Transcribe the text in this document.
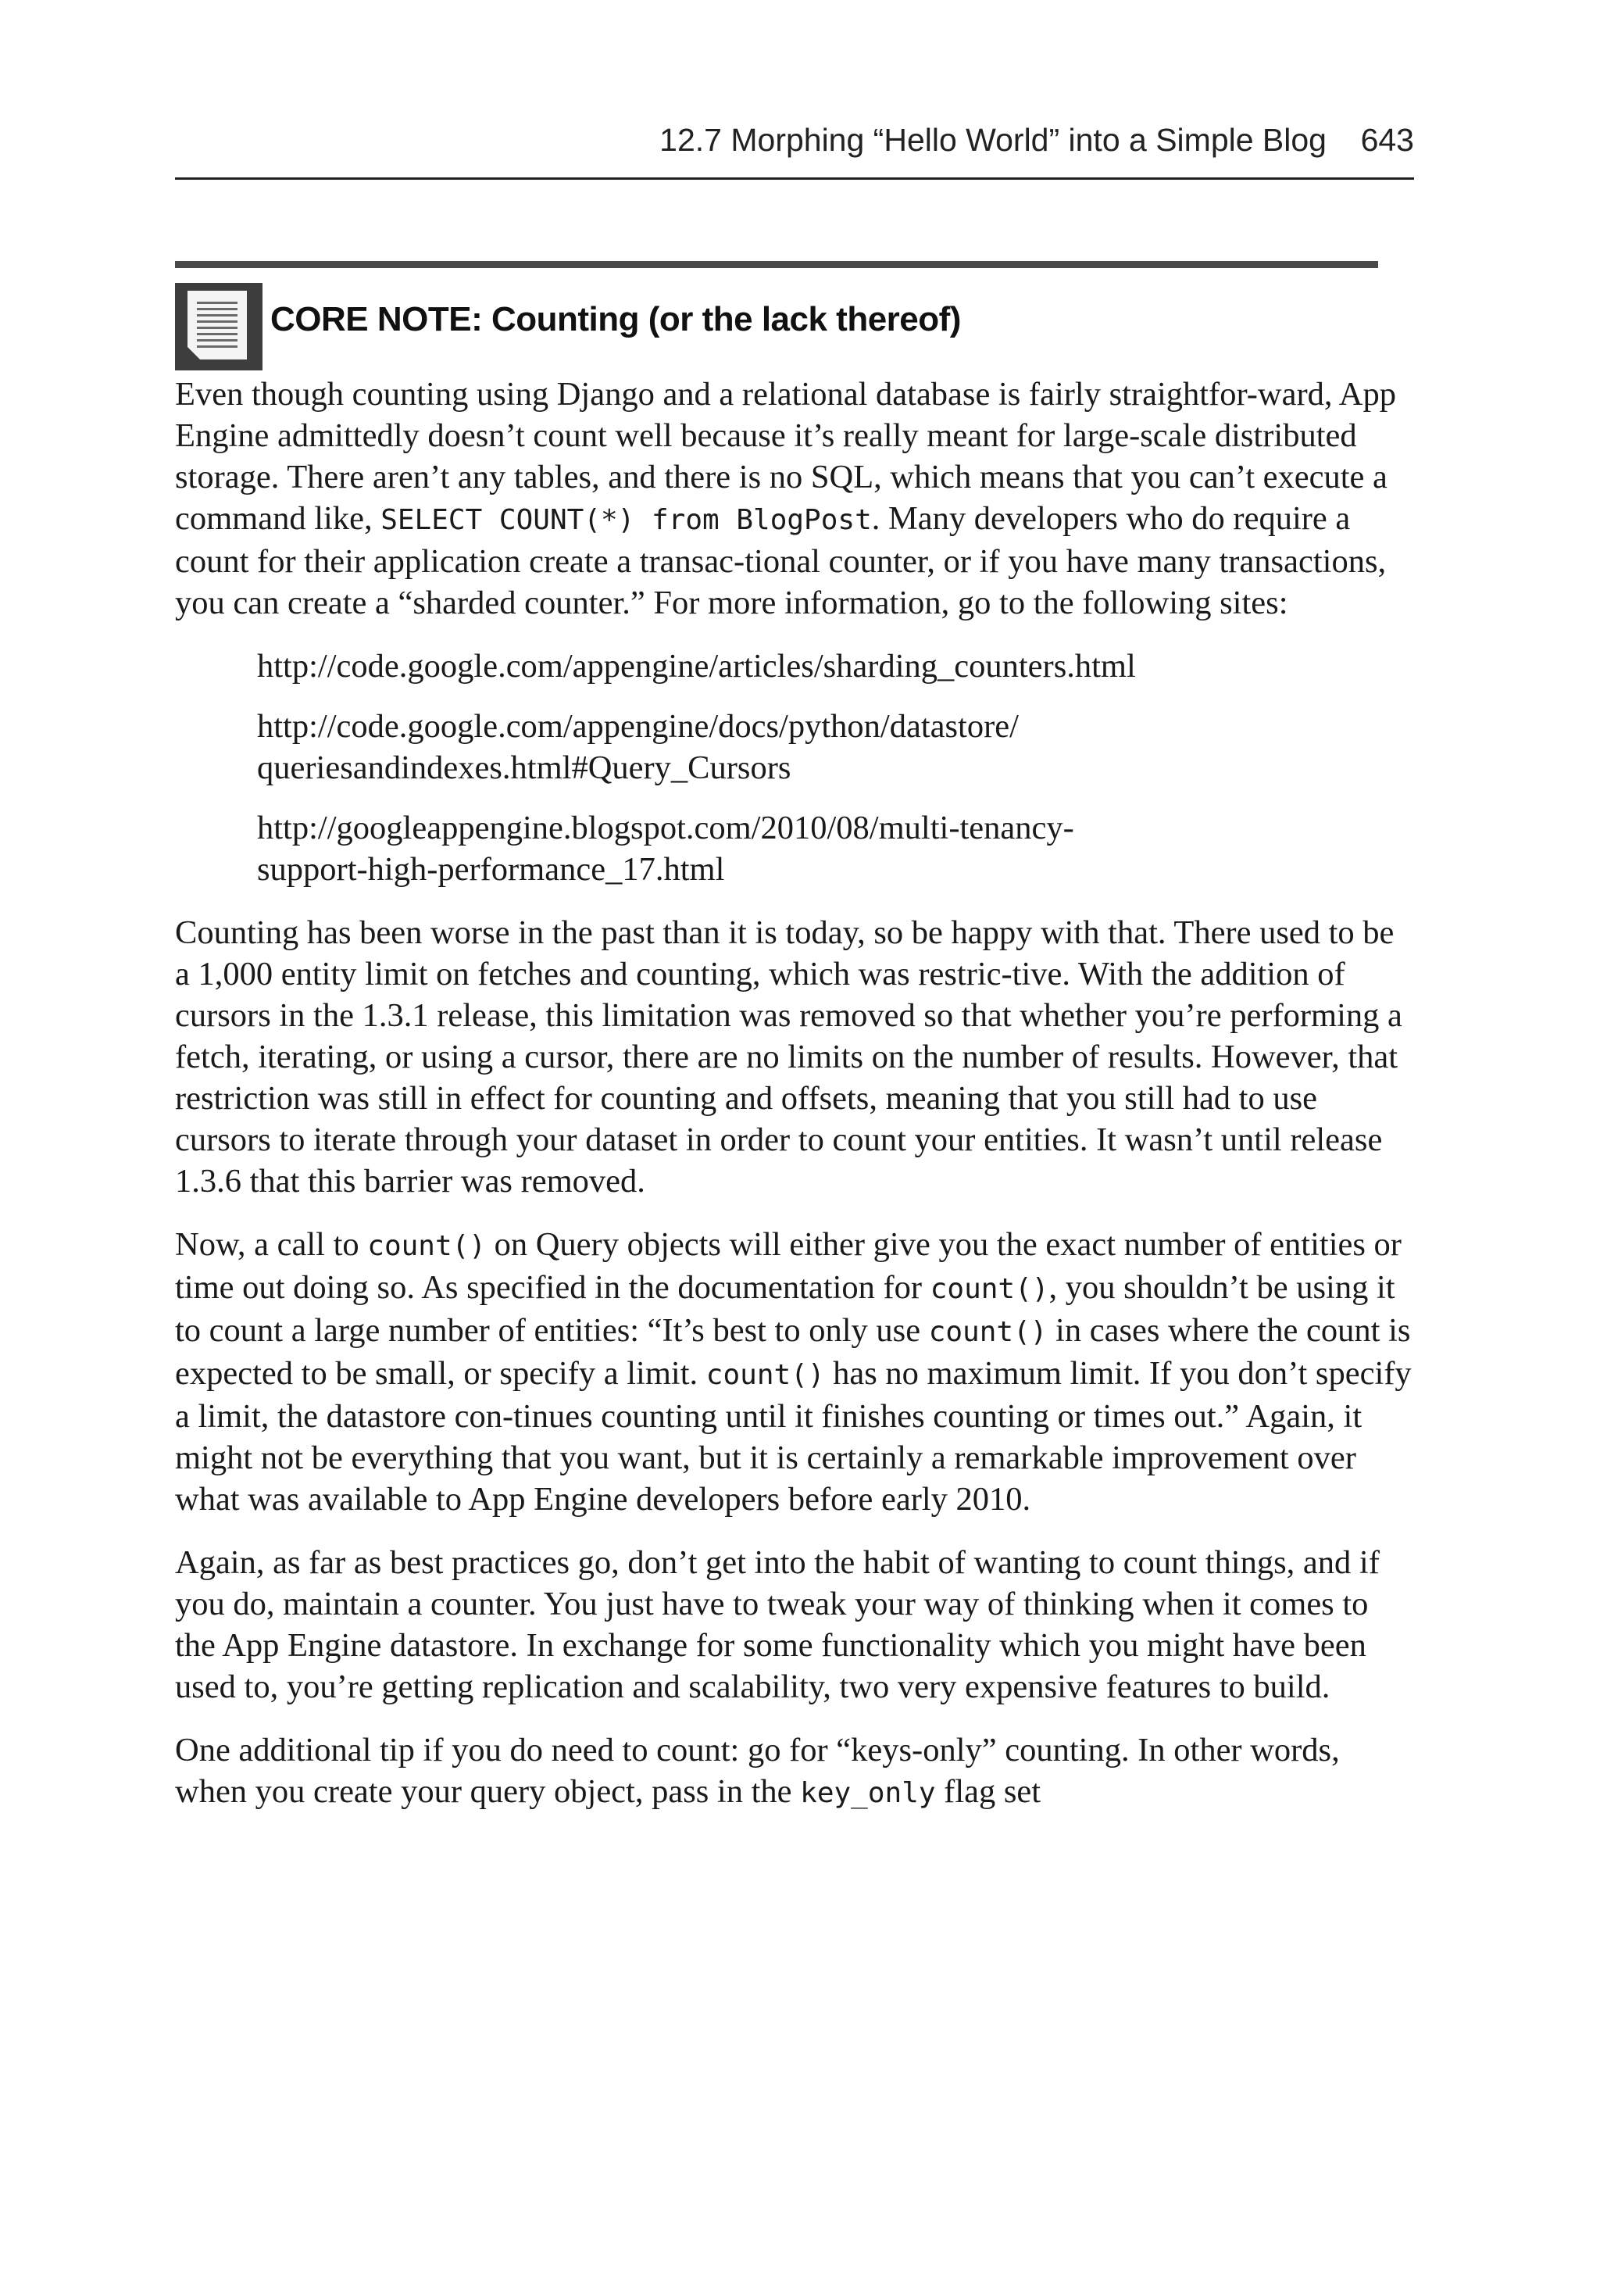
12.7 Morphing “Hello World” into a Simple Blog 643
CORE NOTE: Counting (or the lack thereof)

Even though counting using Django and a relational database is fairly straightfor-ward, App Engine admittedly doesn’t count well because it’s really meant for large-scale distributed storage. There aren’t any tables, and there is no SQL, which means that you can’t execute a command like, SELECT COUNT(*) from BlogPost. Many developers who do require a count for their application create a transac-tional counter, or if you have many transactions, you can create a “sharded counter.” For more information, go to the following sites:

http://code.google.com/appengine/articles/sharding_counters.html
http://code.google.com/appengine/docs/python/datastore/
queriesandindexes.html#Query_Cursors
http://googleappengine.blogspot.com/2010/08/multi-tenancy-
support-high-performance_17.html

Counting has been worse in the past than it is today, so be happy with that. There used to be a 1,000 entity limit on fetches and counting, which was restric-tive. With the addition of cursors in the 1.3.1 release, this limitation was removed so that whether you’re performing a fetch, iterating, or using a cursor, there are no limits on the number of results. However, that restriction was still in effect for counting and offsets, meaning that you still had to use cursors to iterate through your dataset in order to count your entities. It wasn’t until release 1.3.6 that this barrier was removed.

Now, a call to count() on Query objects will either give you the exact number of entities or time out doing so. As specified in the documentation for count(), you shouldn’t be using it to count a large number of entities: “It’s best to only use count() in cases where the count is expected to be small, or specify a limit. count() has no maximum limit. If you don’t specify a limit, the datastore con-tinues counting until it finishes counting or times out.” Again, it might not be everything that you want, but it is certainly a remarkable improvement over what was available to App Engine developers before early 2010.

Again, as far as best practices go, don’t get into the habit of wanting to count things, and if you do, maintain a counter. You just have to tweak your way of thinking when it comes to the App Engine datastore. In exchange for some functionality which you might have been used to, you’re getting replication and scalability, two very expensive features to build.

One additional tip if you do need to count: go for “keys-only” counting. In other words, when you create your query object, pass in the key_only flag set
